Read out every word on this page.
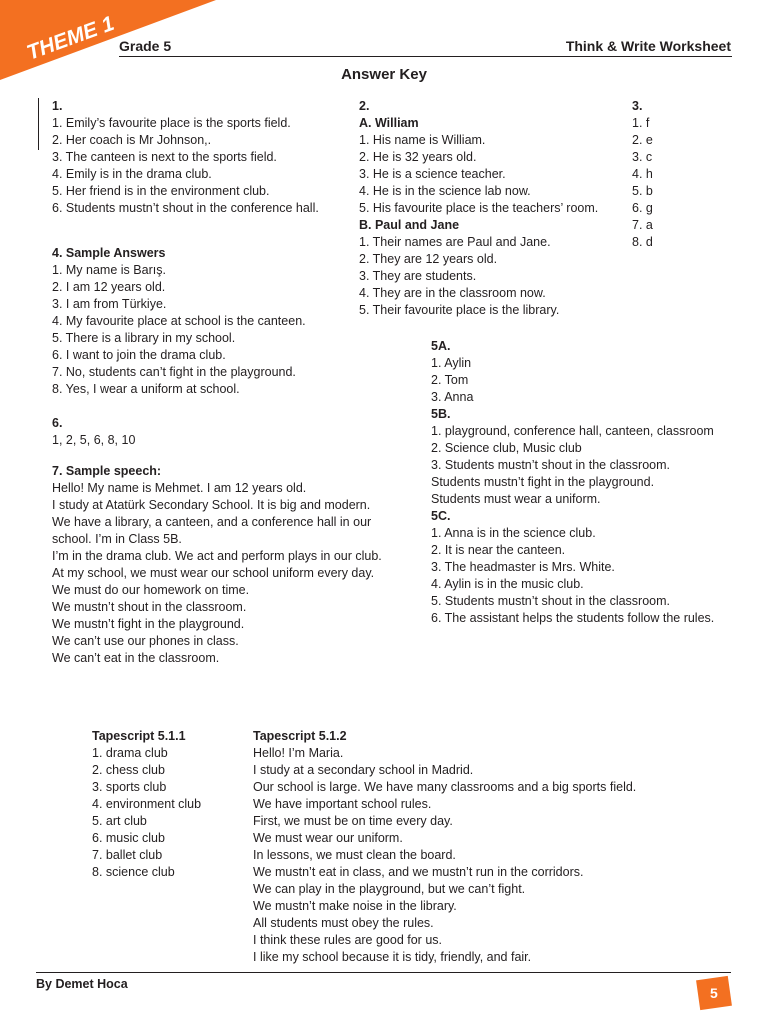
THEME 1 Grade 5	Think & Write Worksheet
Answer Key
1.
1. Emily’s favourite place is the sports field.
2. Her coach is Mr Johnson,.
3. The canteen is next to the sports field.
4. Emily is in the drama club.
5. Her friend is in the environment club.
6. Students mustn’t shout in the conference hall.
2.
A. William
1. His name is William.
2. He is 32 years old.
3. He is a science teacher.
4. He is in the science lab now.
5. His favourite place is the teachers’ room.
B. Paul and Jane
1. Their names are Paul and Jane.
2. They are 12 years old.
3. They are students.
4. They are in the classroom now.
5. Their favourite place is the library.
3.
1. f
2. e
3. c
4. h
5. b
6. g
7. a
8. d
4. Sample Answers
1. My name is Barış.
2. I am 12 years old.
3. I am from Türkiye.
4. My favourite place at school is the canteen.
5. There is a library in my school.
6. I want to join the drama club.
7. No, students can’t fight in the playground.
8. Yes, I wear a uniform at school.
5A.
1. Aylin
2. Tom
3. Anna
5B.
1. playground, conference hall, canteen, classroom
2. Science club, Music club
3. Students mustn’t shout in the classroom.
Students mustn’t fight in the playground.
Students must wear a uniform.
5C.
1. Anna is in the science club.
2. It is near the canteen.
3. The headmaster is Mrs. White.
4. Aylin is in the music club.
5. Students mustn’t shout in the classroom.
6. The assistant helps the students follow the rules.
6.
1, 2, 5, 6, 8, 10
7. Sample speech:
Hello! My name is Mehmet. I am 12 years old.
I study at Atatürk Secondary School. It is big and modern.
We have a library, a canteen, and a conference hall in our
school. I’m in Class 5B.
I’m in the drama club. We act and perform plays in our club.
At my school, we must wear our school uniform every day.
We must do our homework on time.
We mustn’t shout in the classroom.
We mustn’t fight in the playground.
We can’t use our phones in class.
We can’t eat in the classroom.
Tapescript 5.1.1
1. drama club
2. chess club
3. sports club
4. environment club
5. art club
6. music club
7. ballet club
8. science club
Tapescript 5.1.2
Hello! I’m Maria.
I study at a secondary school in Madrid.
Our school is large. We have many classrooms and a big sports field.
We have important school rules.
First, we must be on time every day.
We must wear our uniform.
In lessons, we must clean the board.
We mustn’t eat in class, and we mustn’t run in the corridors.
We can play in the playground, but we can’t fight.
We mustn’t make noise in the library.
All students must obey the rules.
I think these rules are good for us.
I like my school because it is tidy, friendly, and fair.
By Demet Hoca
5
